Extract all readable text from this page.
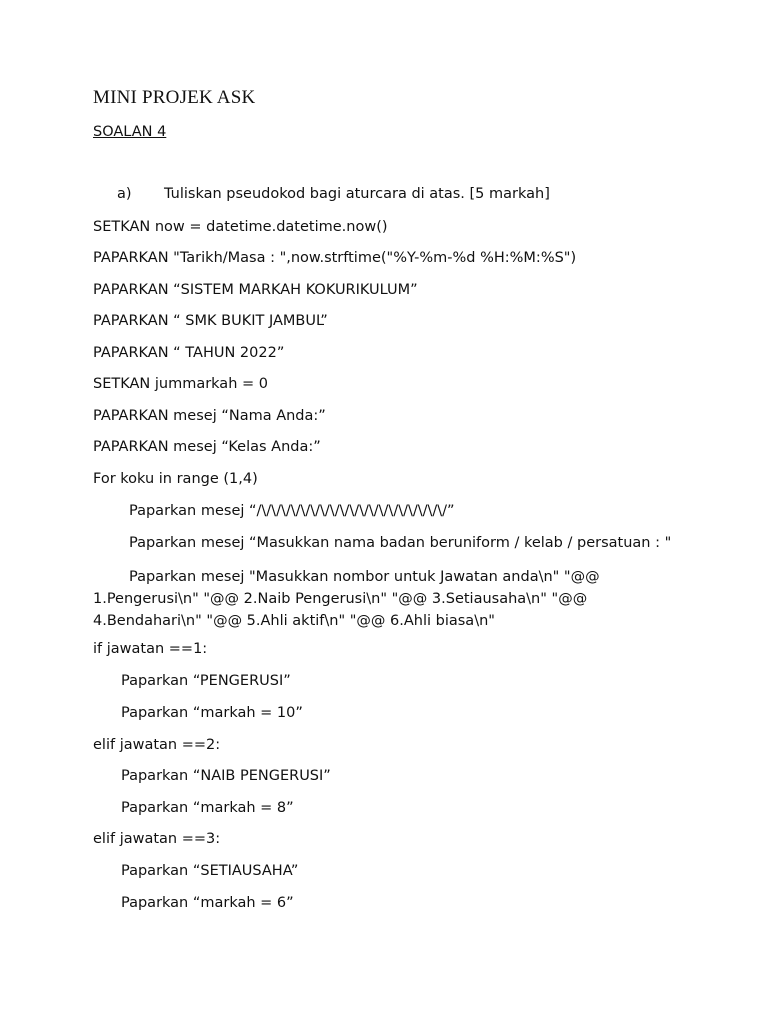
MINI PROJEK ASK
SOALAN 4
a) Tuliskan pseudokod bagi aturcara di atas. [5 markah]
SETKAN now = datetime.datetime.now()
PAPARKAN "Tarikh/Masa : ",now.strftime("%Y-%m-%d %H:%M:%S")
PAPARKAN “SISTEM MARKAH KOKURIKULUM”
PAPARKAN “ SMK BUKIT JAMBUL”
PAPARKAN “ TAHUN 2022”
SETKAN jummarkah = 0
PAPARKAN mesej “Nama Anda:”
PAPARKAN mesej “Kelas Anda:”
For koku in range (1,4)
Paparkan mesej “/\/\/\/\/\/\/\/\/\/\/\/\/\/\/\/\/\/\/\/”
Paparkan mesej “Masukkan nama badan beruniform / kelab / persatuan : "
Paparkan mesej "Masukkan nombor untuk Jawatan anda\n" "@@ 1.Pengerusi\n" "@@ 2.Naib Pengerusi\n" "@@ 3.Setiausaha\n" "@@ 4.Bendahari\n" "@@ 5.Ahli aktif\n" "@@ 6.Ahli biasa\n"
if jawatan ==1:
Paparkan “PENGERUSI”
Paparkan “markah = 10”
elif jawatan ==2:
Paparkan “NAIB PENGERUSI”
Paparkan “markah = 8”
elif jawatan ==3:
Paparkan “SETIAUSAHA”
Paparkan “markah = 6”
